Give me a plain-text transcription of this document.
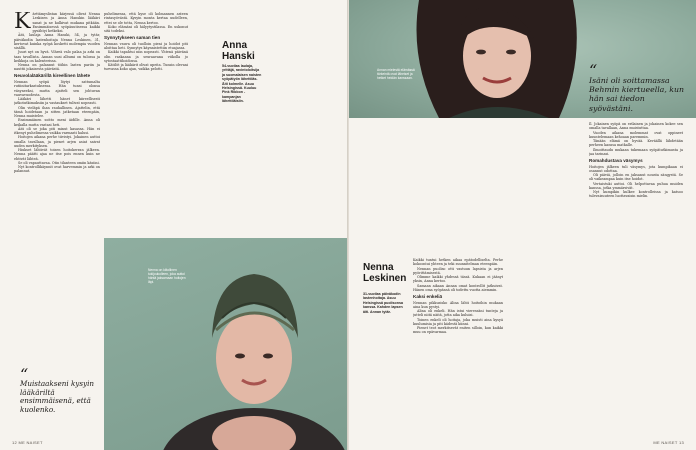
Kärttämyslistan kärjessä olivat Nenna Leskisen ja Anna Hanskin lääkäri sanat ja ne kulkivat mukana pitkään. Ensimmäisessä syöpäuutisessa kaikki pysähtyi hetkeksi.

Äiti, laulaja Anna Hanski, 54, ja tytär, päiväkodin lastenhoitaja Nenna Leskinen, 31, kertovat kuinka syöpä kosketti molempia vuoden sisällä.

Juuri nyt on hyvä. Vihreä valo palaa ja arki on taas tavallista. Annan uusi albumi on tulossa ja keikkoja on kalenterissa.

Nenna on palannut töihin lasten pariin ja nauttii jokaisesta päivästä.

Neuvolalääkärillä kireellinen lähete

Nennan syöpä löytyi sattumalta rutiinitarkastuksessa. Hän tunsi olonsa väsyneeksi, mutta ajatteli sen johtuvan vauvavuodesta.

Lääkäri lähetti hänet kiireellisesti jatkotutkimuksiin ja vastaukset tulivat nopeasti.

Olin vieläpä ihan rauhallinen. Ajattelin, että tämä hoidetaan ja sitten jatketaan eteenpäin, Nenna muistelee.

Ensimmäinen soitto meni äidille. Anna oli keikalla mutta vastasi heti.

Äiti oli se joka piti minut kasassa. Hän ei itkenyt puhelimessa vaikka varmasti halusi.

Hoitojen aikana perhe tiivistyi. Jokainen auttoi omalla tavallaan, ja pienet arjen asiat saivat uuden merkityksen.

Hiukset lähtivät toisen hoitokerran jälkeen. Nenna päätti ajaa ne itse pois ennen kuin ne ehtivät lähteä.

Se oli vapauttavaa. Otin tilanteen omiin käsiini.

Nyt kontrollikäynnit ovat harvemmin ja arki on palannut.

puhelimessa, että kyse oli kolmannen asteen rintasyövästä. Kysyin monta kertaa uudelleen, ettei se ole totta, Nenna kertoo.

Koko elämäni oli hälyytystilassa. En uskonut sitä todeksi.

Synnytykseen saman tien

Nennan vauva oli tuolloin pieni ja hoidot piti aloittaa heti. Synnytys käynnistettiin etuajassa.

Kaikki tapahtui niin nopeasti. Yhtenä päivänä olin raskaana ja seuraavana viikolla jo sytostaattihoidossa.

Kätilöt ja lääkärit olivat upeita. Tunsin olevani turvassa koko ajan, vaikka pelotti.

Anna Hanski
54-vuotias laulaja, yrittäjä, ravintoloitsija ja suomalaisen naisten syöpätyön lähettiläs. Äiti kolmelle. Asuu Helsingissä. Kuuluu Pink Ribbon -kampanjan lähettiläisiin.
Nenna on kiitollinen tukijoukolleen, joka auttoi häntä jaksamaan hoitojen läpi.
“
Muistaakseni kysyin lääkäriltä ensimmäisenä, että kuolenko.
12 ME NAISET
Annan mielestä elämässä tärkeintä ovat läheiset ja hetket heidän kanssaan.	“
Isäni oli soittamassa Behmin kiertueella, kun hän sai tiedon syövästäni.
Nenna Leskinen
31-vuotias päiväkodin lastenhoitaja. Asuu Helsingissä puolisonsa kanssa. Kahden lapsen äiti. Annan tytär.

Kaikki tuntui hetken aikaa epätodelliselta. Perhe kokoontui yhteen ja teki suunnitelman eteenpäin.

Nennan puoliso otti vastuun lapsista ja arjen pyörittämisestä.

Olimme kaikki yhdessä tässä. Kukaan ei jäänyt yksin, Anna kertoo.

Samaan aikaan Annan omat kontrollit jatkuivat. Hänen oma syöpänsä oli todettu vuotta aiemmin.

Kaksi enkeliä

Nennan pikkusisko Alina lähti hoitoihin mukaan aina kun pystyi.

Alina oli enkeli. Hän istui vieressäni tunteja ja jutteli niitä näitä, jotta aika kuluisi.

Toinen enkeli oli hoitaja, joka muisti aina kysyä kuulumisia ja piti kädestä kiinni.

Pienet teot merkitsevät eniten silloin, kun kaikki muu on epävarmaa.

Il. Jokainen syöpä on erilainen ja jokainen kokee sen omalla tavallaan, Anna muistuttaa.

Vuoden aikana molemmat ovat oppineet kuuntelemaan kehoaan paremmin.

Tänään elämä on hyvää. Keväällä lähdetään perheen kanssa matkalle.

Ilmoittaudu mukaan tukemaan syöpätutkimusta ja jaa tarinasi.

Romahdustava väsymys

Hoitojen jälkeen tuli väsymys, jota kumpikaan ei osannut odottaa.

Oli päiviä, jolloin en jaksanut nousta sängystä. Se oli vaikeampaa kuin itse hoidot.

Vertaistuki auttoi. Oli helpottavaa puhua muiden kanssa, jotka ymmärsivät.

Nyt kumpikin kulkee kontrolleissa ja katsoo tulevaisuuteen luottavaisin mielin.

ME NAISET 13
